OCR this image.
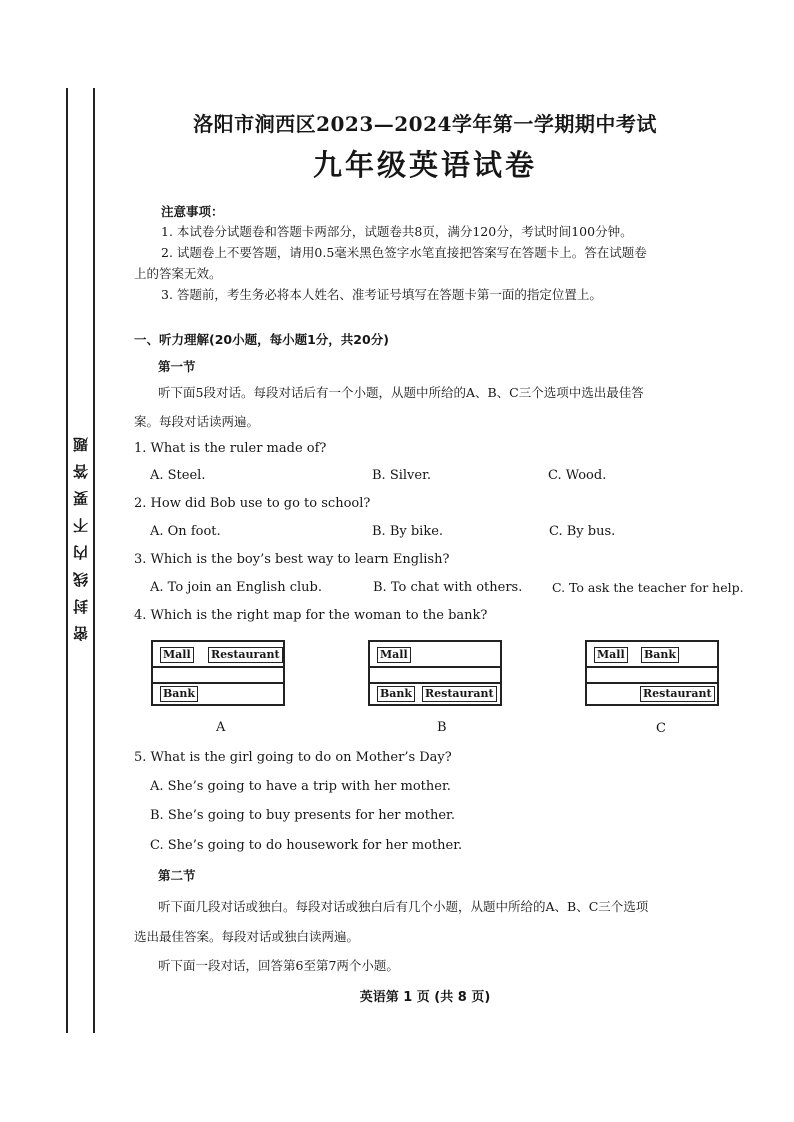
密封线内不要答题
洛阳市涧西区2023—2024学年第一学期期中考试
九年级英语试卷
注意事项：
1. 本试卷分试题卷和答题卡两部分，试题卷共8页，满分120分，考试时间100分钟。
2. 试题卷上不要答题，请用0.5毫米黑色签字水笔直接把答案写在答题卡上。答在试题卷
上的答案无效。
3. 答题前，考生务必将本人姓名、准考证号填写在答题卡第一面的指定位置上。
一、听力理解(20小题，每小题1分，共20分)
第一节
听下面5段对话。每段对话后有一个小题，从题中所给的A、B、C三个选项中选出最佳答
案。每段对话读两遍。
1. What is the ruler made of?
A. Steel.	B. Silver.	C. Wood.
2. How did Bob use to go to school?
A. On foot.	B. By bike.	C. By bus.
3. Which is the boy’s best way to learn English?
A. To join an English club.	B. To chat with others. C. To ask the teacher for help.
4. Which is the right map for the woman to the bank?
Mall Restaurant
Bank
A
Mall
Bank Restaurant
B
Mall Bank
Restaurant
C
5. What is the girl going to do on Mother’s Day?
A. She’s going to have a trip with her mother.
B. She’s going to buy presents for her mother.
C. She’s going to do housework for her mother.
第二节
听下面几段对话或独白。每段对话或独白后有几个小题，从题中所给的A、B、C三个选项
选出最佳答案。每段对话或独白读两遍。
听下面一段对话，回答第6至第7两个小题。
英语第 1 页 (共 8 页)
